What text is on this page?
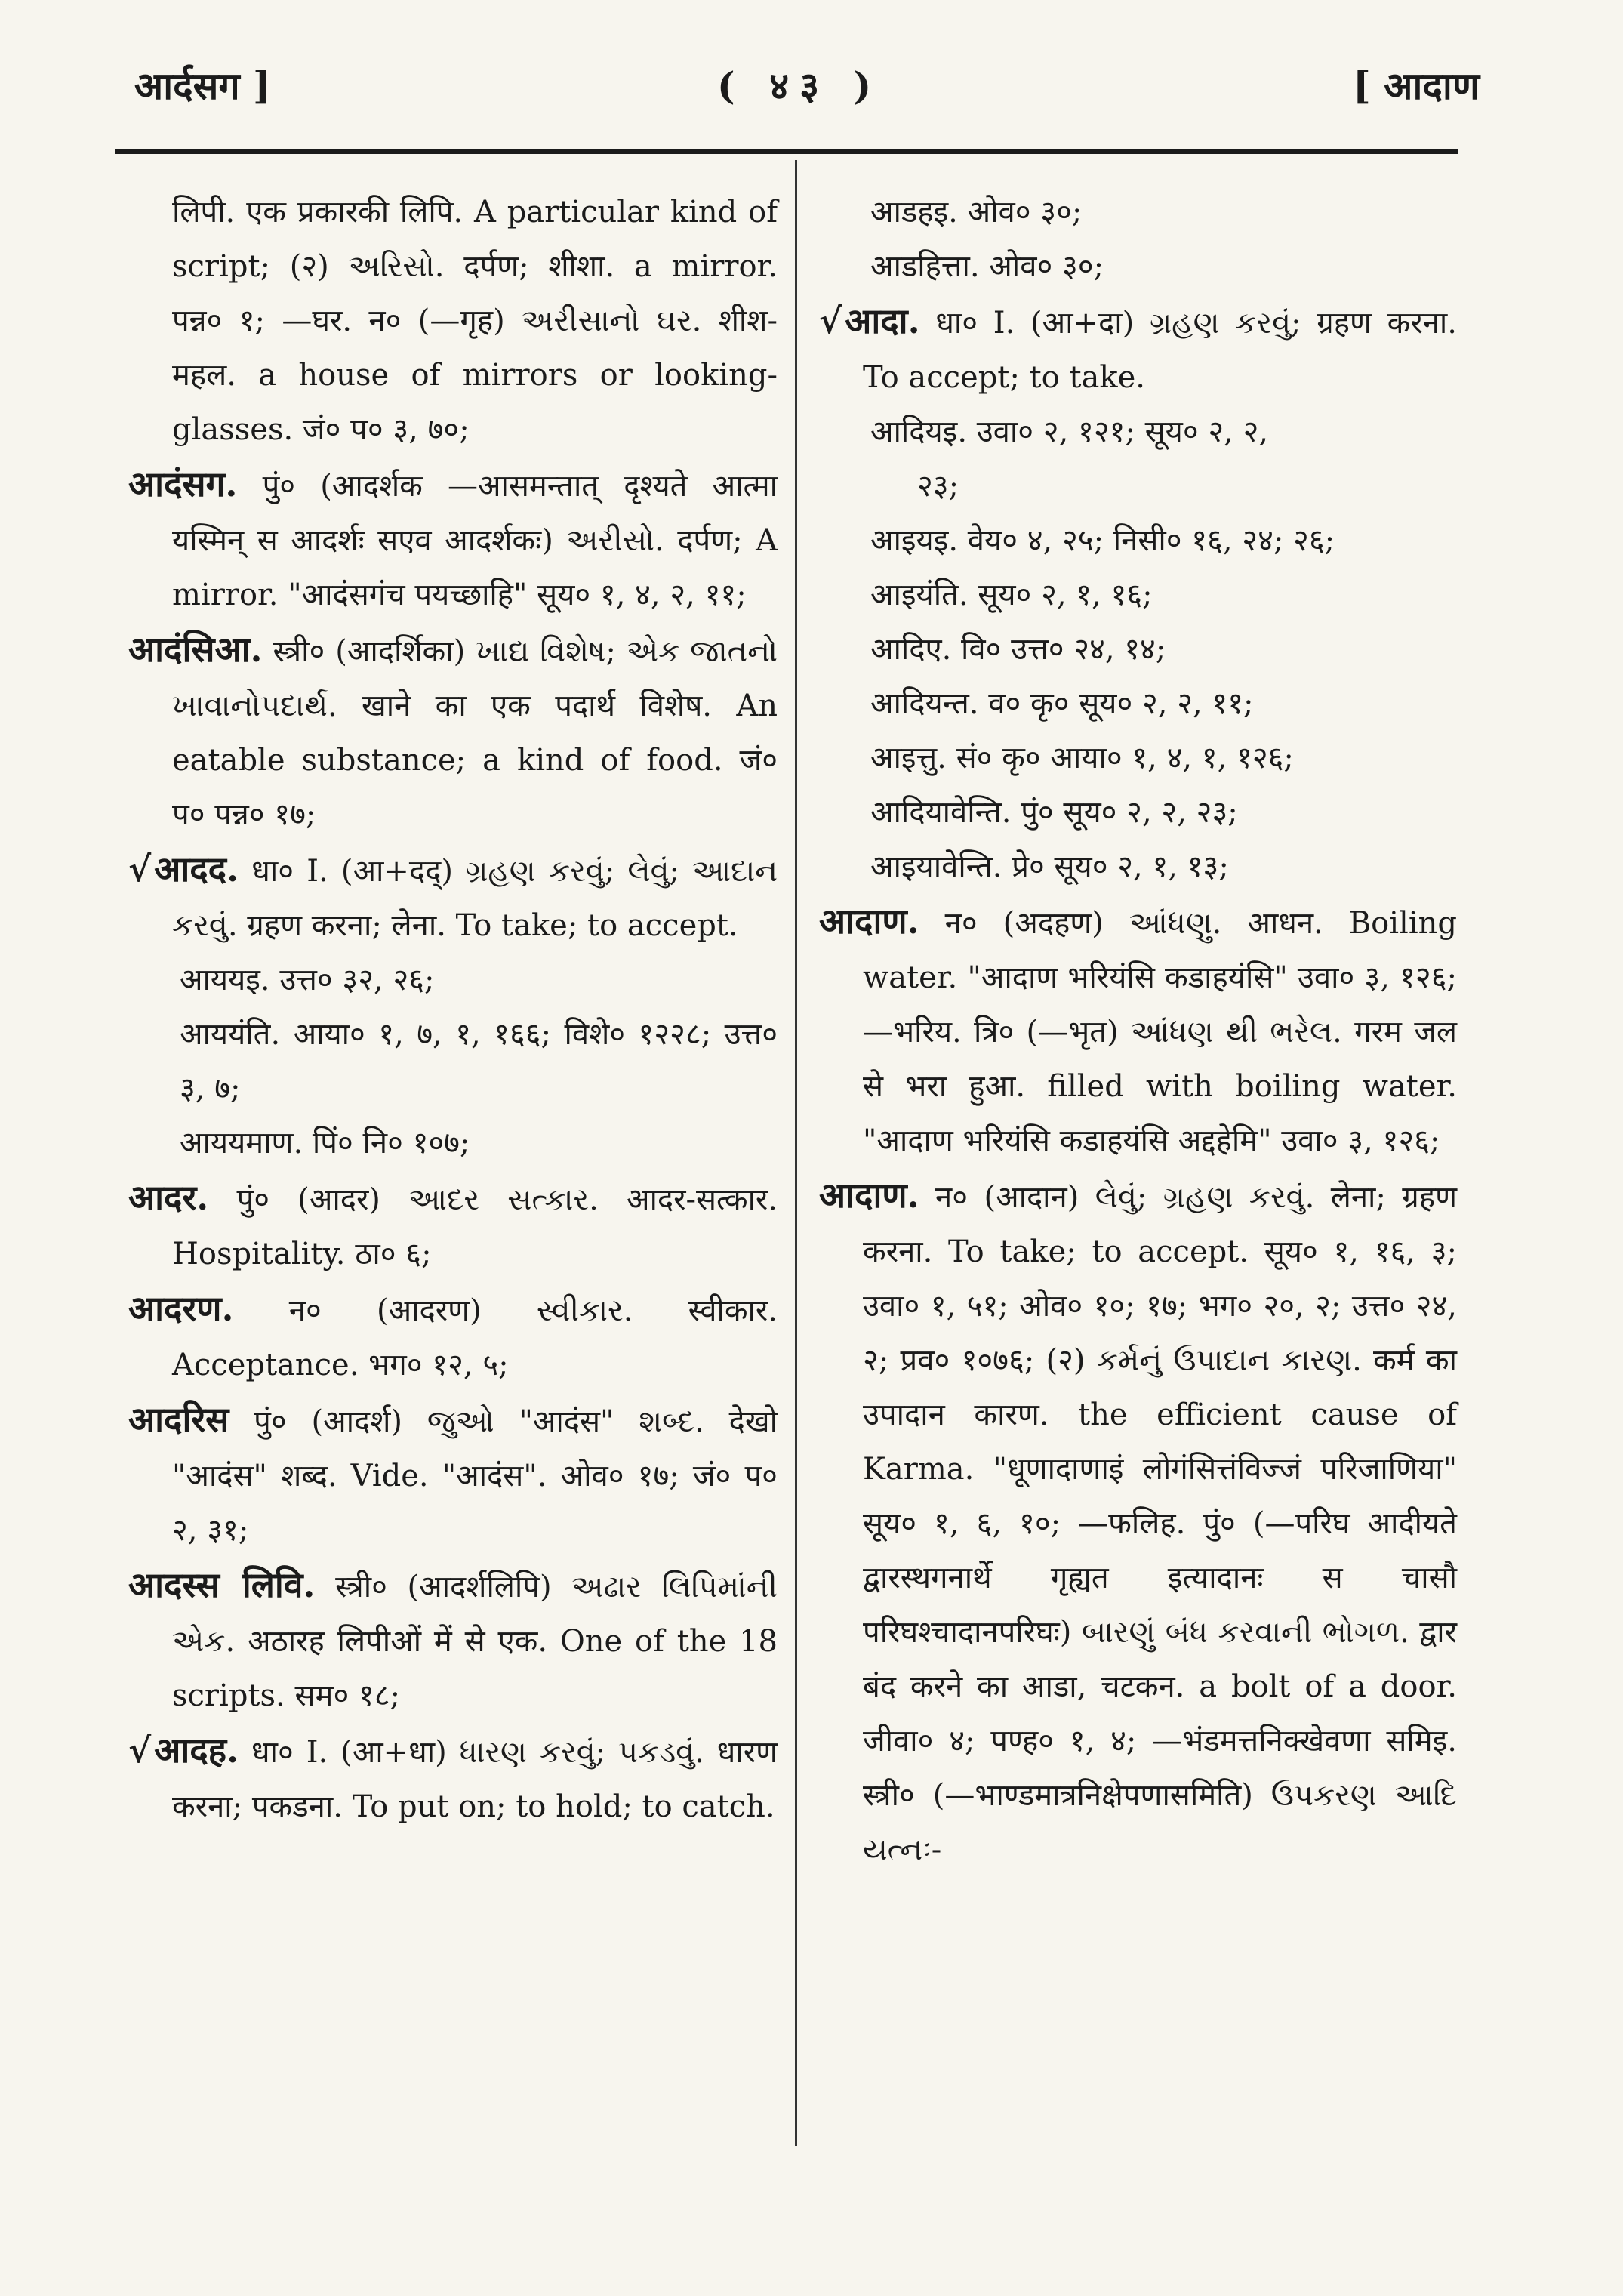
आर्दसग ]	( ४३ )	[ आदाण

लिपी. एक प्रकारकी लिपि. A particular kind of script; (२) અરિસો. दर्पण; शीशा. a mirror. पन्न० १; —घर. न० (—गृह) અરીસાનો ઘર. शीश-महल. a house of mirrors or looking-glasses. जं० प० ३, ७०;

आदंसग. पुं० (आदर्शक —आसमन्तात् दृश्यते आत्मा यस्मिन् स आदर्शः सएव आदर्शकः) અરીસો. दर्पण; A mirror. "आदंसगंच पयच्छाहि" सूय० १, ४, २, ११;

आदंसिआ. स्त्री० (आदर्शिका) ખાદ્ય વિશેષ; એક જાતનો ખાવાનોપદાર્થ. खाने का एक पदार्थ विशेष. An eatable substance; a kind of food. जं० प० पन्न० १७;

√आदद. धा० I. (आ+दद्) ગ્રહણ કરવું; લેવું; આદાન કરવું. ग्रहण करना; लेना. To take; to accept.

आययइ. उत्त० ३२, २६;

आययंति. आया० १, ७, १, १६६; विशे० १२२८; उत्त० ३, ७;

आययमाण. पिं० नि० १०७;

आदर. पुं० (आदर) આદર સત્કાર. आदर-सत्कार. Hospitality. ठा० ६;

आदरण. न० (आदरण) સ્વીકાર. स्वीकार. Acceptance. भग० १२, ५;

आदरिस पुं० (आदर्श) જુઓ "आदंस" શબ્દ. देखो "आदंस" शब्द. Vide. "आदंस". ओव० १७; जं० प० २, ३१;

आदस्स लिवि. स्त्री० (आदर्शलिपि) અઢાર લિપિમાંની એક. अठारह लिपीओं में से एक. One of the 18 scripts. सम० १८;

√आदह. धा० I. (आ+धा) ધારણ કરવું; પકડવું. धारण करना; पकडना. To put on; to hold; to catch.

आडहइ. ओव० ३०;

आडहित्ता. ओव० ३०;

√आदा. धा० I. (आ+दा) ગ્રહણ કરવું; ग्रहण करना. To accept; to take.

आदियइ. उवा० २, १२१; सूय० २, २,

२३;

आइयइ. वेय० ४, २५; निसी० १६, २४; २६;

आइयंति. सूय० २, १, १६;

आदिए. वि० उत्त० २४, १४;

आदियन्त. व० कृ० सूय० २, २, ११;

आइत्तु. सं० कृ० आया० १, ४, १, १२६;

आदियावेन्ति. पुं० सूय० २, २, २३;

आइयावेन्ति. प्रे० सूय० २, १, १३;

आदाण. न० (अदहण) આંધણુ. आधन. Boiling water. "आदाण भरियंसि कडाहयंसि" उवा० ३, १२६; —भरिय. त्रि० (—भृत) આંધણ થી ભરેલ. गरम जल से भरा हुआ. filled with boiling water. "आदाण भरियंसि कडाहयंसि अद्दहेमि" उवा० ३, १२६;

आदाण. न० (आदान) લેવું; ગ્રહણ કરવું. लेना; ग्रहण करना. To take; to accept. सूय० १, १६, ३; उवा० १, ५१; ओव० १०; १७; भग० २०, २; उत्त० २४, २; प्रव० १०७६; (२) કર્મનું ઉપાદાન કારણ. कर्म का उपादान कारण. the efficient cause of Karma. "धूणादाणाइं लोगंसित्तंविज्जं परिजाणिया" सूय० १, ६, १०; —फलिह. पुं० (—परिघ आदीयते द्वारस्थगनार्थे गृह्यत इत्यादानः स चासौ परिघश्चादानपरिघः) બારણું બંધ કરવાની ભોગળ. द्वार बंद करने का आडा, चटकन. a bolt of a door. जीवा० ४; पण्ह० १, ४; —भंडमत्तनिक्खेवणा समिइ. स्त्री० (—भाण्डमात्रनिक्षेपणासमिति) ઉપકરણ આદિ યત્નઃ-
